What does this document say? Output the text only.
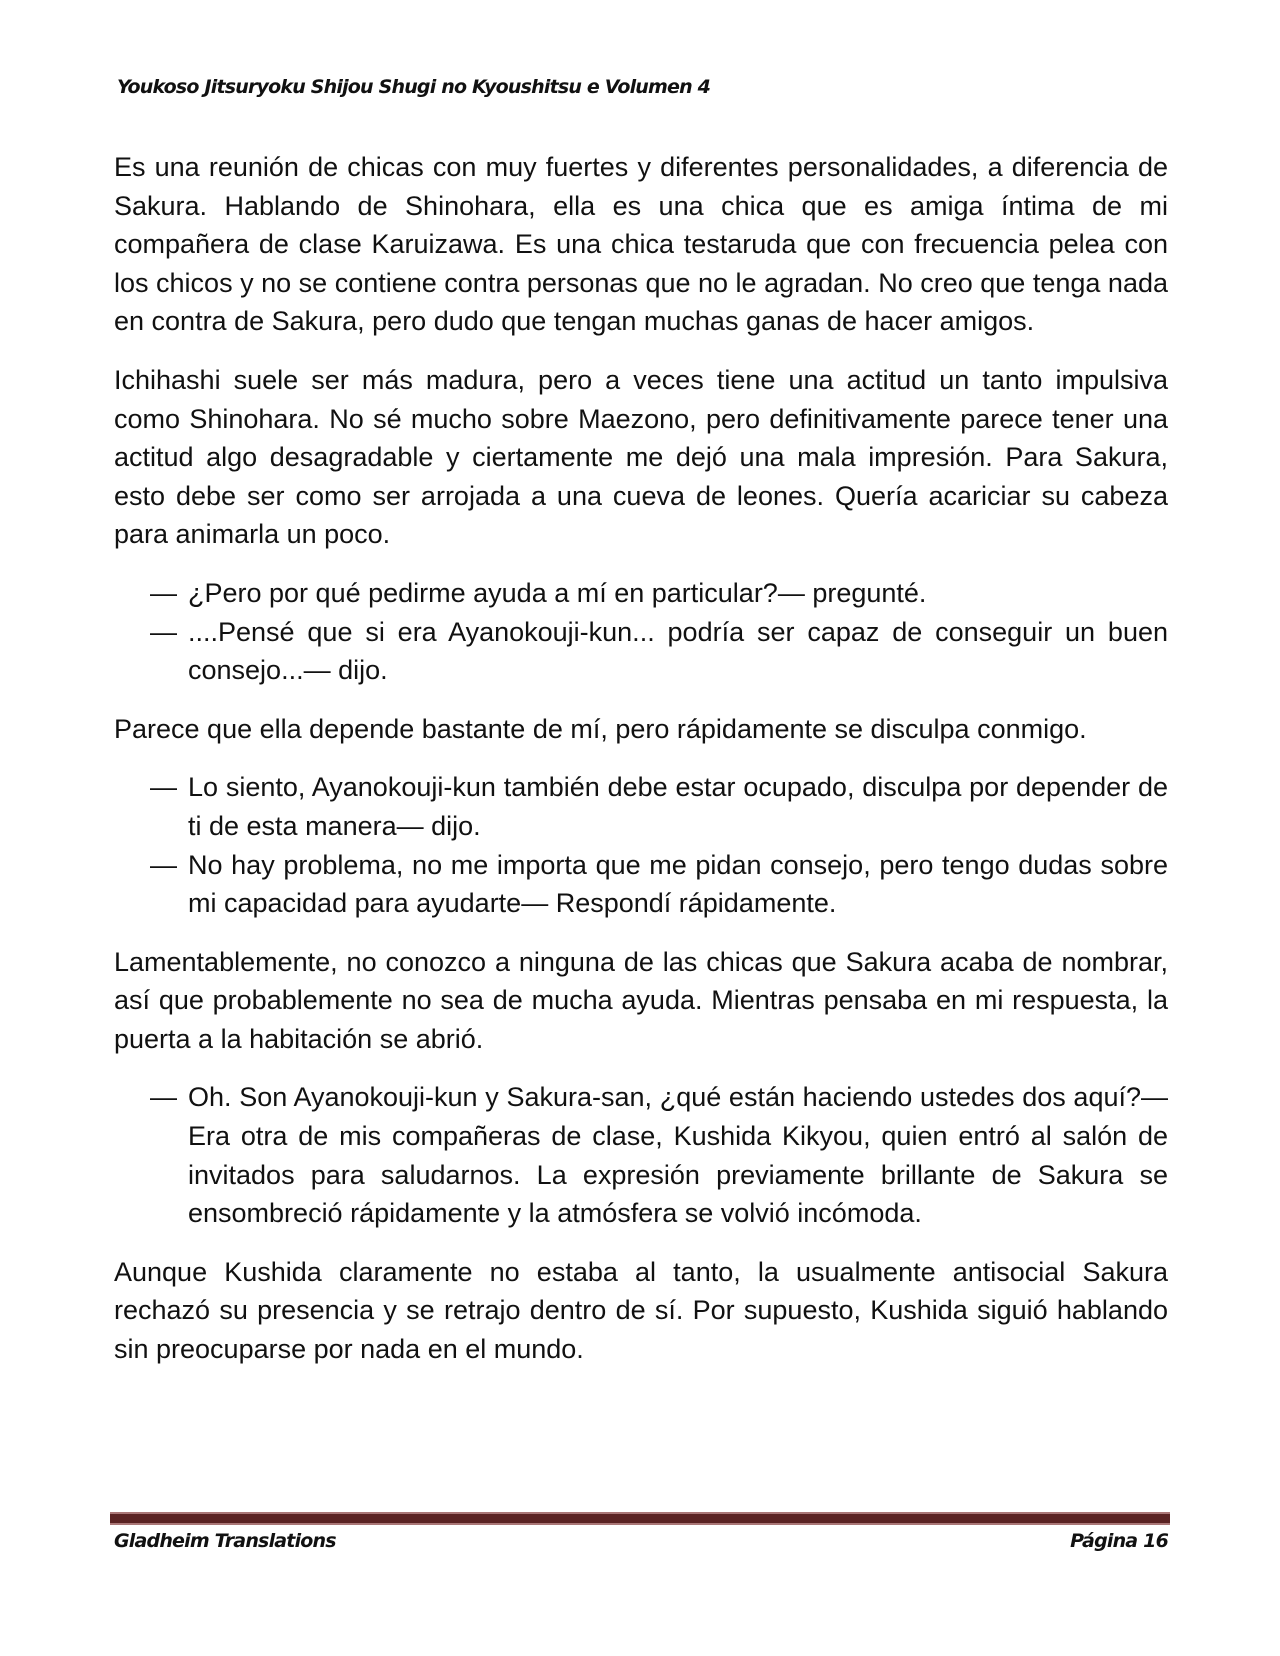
Youkoso Jitsuryoku Shijou Shugi no Kyoushitsu e Volumen 4

Es una reunión de chicas con muy fuertes y diferentes personalidades, a diferencia de Sakura. Hablando de Shinohara, ella es una chica que es amiga íntima de mi compañera de clase Karuizawa. Es una chica testaruda que con frecuencia pelea con los chicos y no se contiene contra personas que no le agradan. No creo que tenga nada en contra de Sakura, pero dudo que tengan muchas ganas de hacer amigos.

Ichihashi suele ser más madura, pero a veces tiene una actitud un tanto impulsiva como Shinohara. No sé mucho sobre Maezono, pero definitivamente parece tener una actitud algo desagradable y ciertamente me dejó una mala impresión. Para Sakura, esto debe ser como ser arrojada a una cueva de leones. Quería acariciar su cabeza para animarla un poco.

— ¿Pero por qué pedirme ayuda a mí en particular?— pregunté.
— ....Pensé que si era Ayanokouji-kun... podría ser capaz de conseguir un buen consejo...— dijo.

Parece que ella depende bastante de mí, pero rápidamente se disculpa conmigo.

— Lo siento, Ayanokouji-kun también debe estar ocupado, disculpa por depender de ti de esta manera— dijo.
— No hay problema, no me importa que me pidan consejo, pero tengo dudas sobre mi capacidad para ayudarte— Respondí rápidamente.

Lamentablemente, no conozco a ninguna de las chicas que Sakura acaba de nombrar, así que probablemente no sea de mucha ayuda. Mientras pensaba en mi respuesta, la puerta a la habitación se abrió.

— Oh. Son Ayanokouji-kun y Sakura-san, ¿qué están haciendo ustedes dos aquí?— Era otra de mis compañeras de clase, Kushida Kikyou, quien entró al salón de invitados para saludarnos. La expresión previamente brillante de Sakura se ensombreció rápidamente y la atmósfera se volvió incómoda.

Aunque Kushida claramente no estaba al tanto, la usualmente antisocial Sakura rechazó su presencia y se retrajo dentro de sí. Por supuesto, Kushida siguió hablando sin preocuparse por nada en el mundo.

Gladheim Translations	Página 16
